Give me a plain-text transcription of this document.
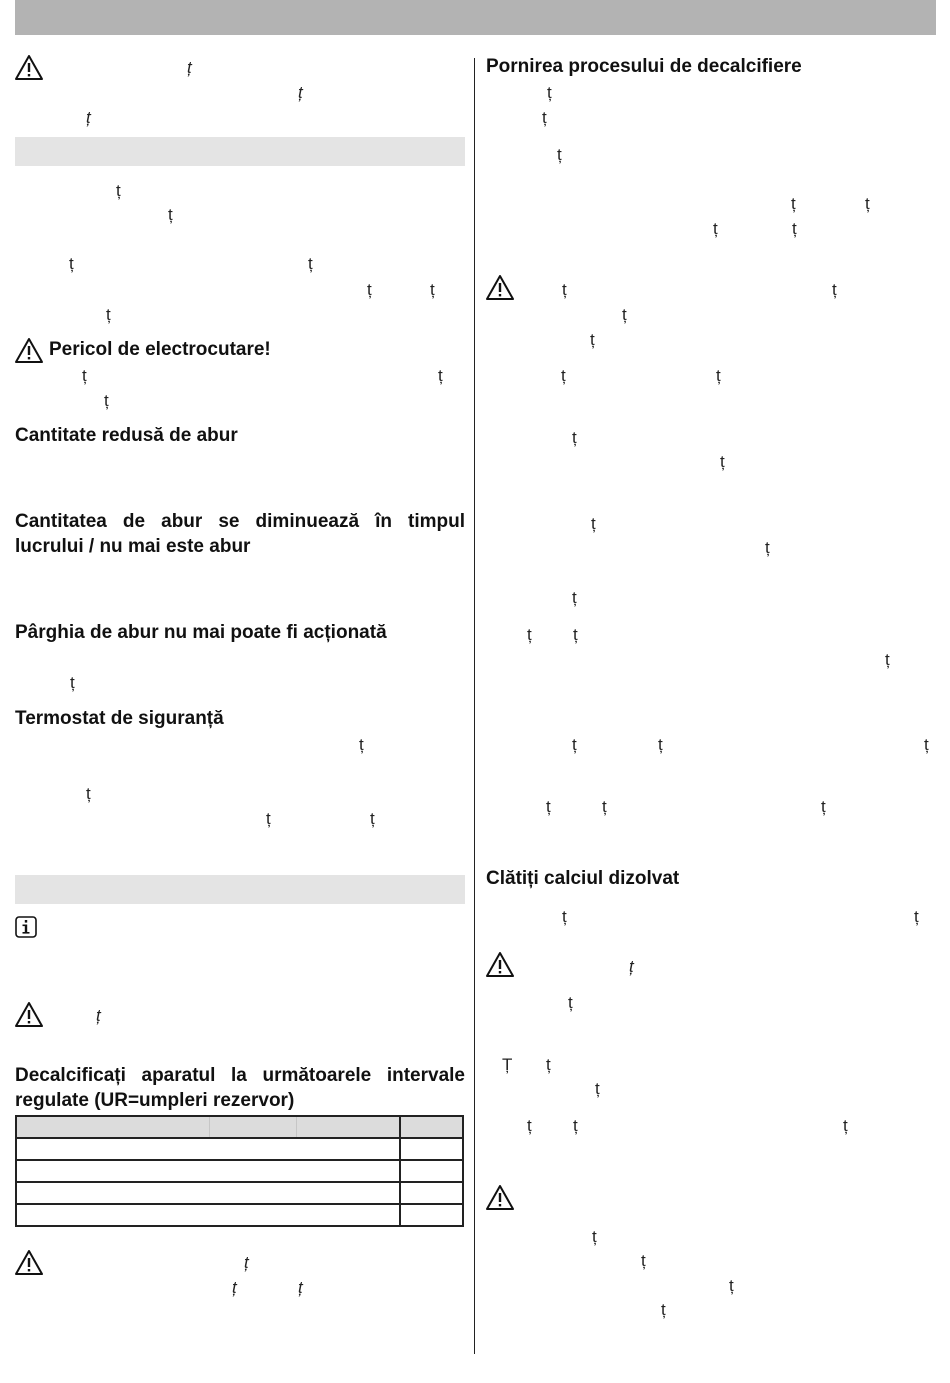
ț
ț
ț
ț
ț
ț	ț
ț	ț
ț
Pericol de electrocutare!
ț	ț
ț
Cantitate redusă de abur
Cantitatea de abur se diminuează în timpul lucrului / nu mai este abur
Pârghia de abur nu mai poate fi acționată
ț
Termostat de siguranță
ț
ț
ț	ț
ț
Decalcificați aparatul la următoarele intervale regulate (UR=umpleri rezervor)

ț
ț	ț
Pornirea procesului de decalcifiere
ț
ț
ț
ț	ț
ț	ț
ț	ț
ț
ț
ț	ț
ț
ț
ț
ț
ț
ț ț
ț
ț	ț	ț
ț	ț	ț
Clătiți calciul dizolvat
ț	ț
ț
ț
Ț ț
ț
ț ț	ț
ț
ț
ț
ț
